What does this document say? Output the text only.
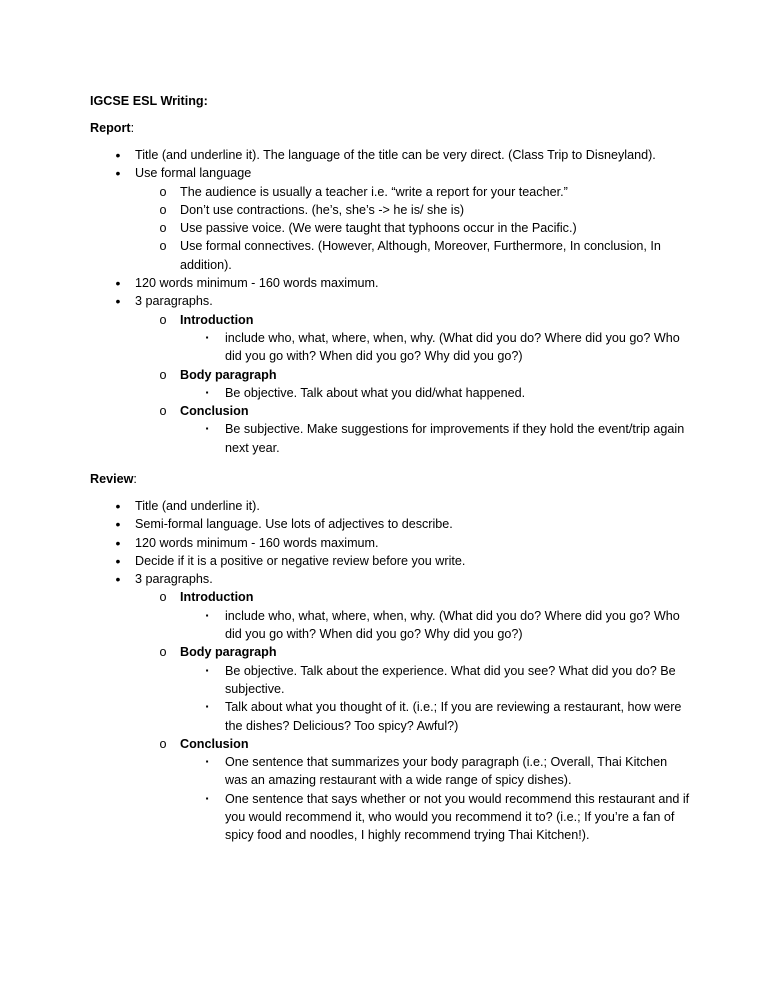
IGCSE ESL Writing:

Report:

• Title (and underline it). The language of the title can be very direct. (Class Trip to Disneyland).
• Use formal language
o The audience is usually a teacher i.e. “write a report for your teacher.”
o Don’t use contractions. (he’s, she’s -> he is/ she is)
o Use passive voice. (We were taught that typhoons occur in the Pacific.)
o Use formal connectives. (However, Although, Moreover, Furthermore, In conclusion, In addition).
• 120 words minimum - 160 words maximum.
• 3 paragraphs.
o Introduction
▪	include who, what, where, when, why. (What did you do? Where did you go? Who did you go with? When did you go? Why did you go?)
o Body paragraph
▪	Be objective. Talk about what you did/what happened.
o Conclusion
▪	Be subjective. Make suggestions for improvements if they hold the event/trip again next year.

Review:

• Title (and underline it).
• Semi-formal language. Use lots of adjectives to describe.
• 120 words minimum - 160 words maximum.
• Decide if it is a positive or negative review before you write.
• 3 paragraphs.
o Introduction
▪	include who, what, where, when, why. (What did you do? Where did you go? Who did you go with? When did you go? Why did you go?)
o Body paragraph
▪	Be objective. Talk about the experience. What did you see? What did you do? Be subjective.
▪	Talk about what you thought of it. (i.e.; If you are reviewing a restaurant, how were the dishes? Delicious? Too spicy? Awful?)
o Conclusion
▪	One sentence that summarizes your body paragraph (i.e.; Overall, Thai Kitchen was an amazing restaurant with a wide range of spicy dishes).
▪	One sentence that says whether or not you would recommend this restaurant and if you would recommend it, who would you recommend it to? (i.e.; If you’re a fan of spicy food and noodles, I highly recommend trying Thai Kitchen!).
